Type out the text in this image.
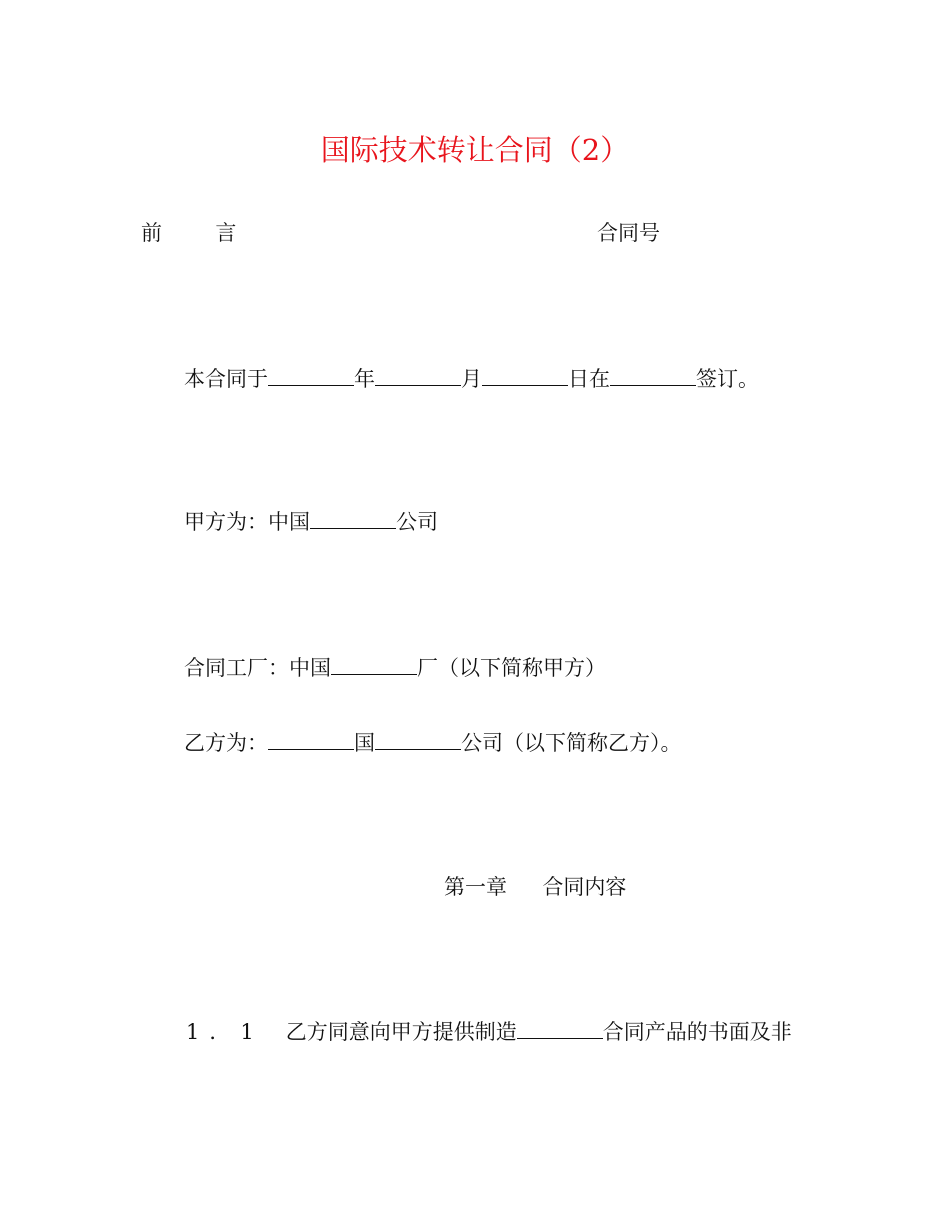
国际技术转让合同（2）
前	言	合同号
本合同于	年	月	日在	签订。
甲方为：中国	公司
合同工厂：中国	厂（以下简称甲方）
乙方为：	国	公司（以下简称乙方）。
第一章 合同内容
1．1 乙方同意向甲方提供制造	合同产品的书面及非
